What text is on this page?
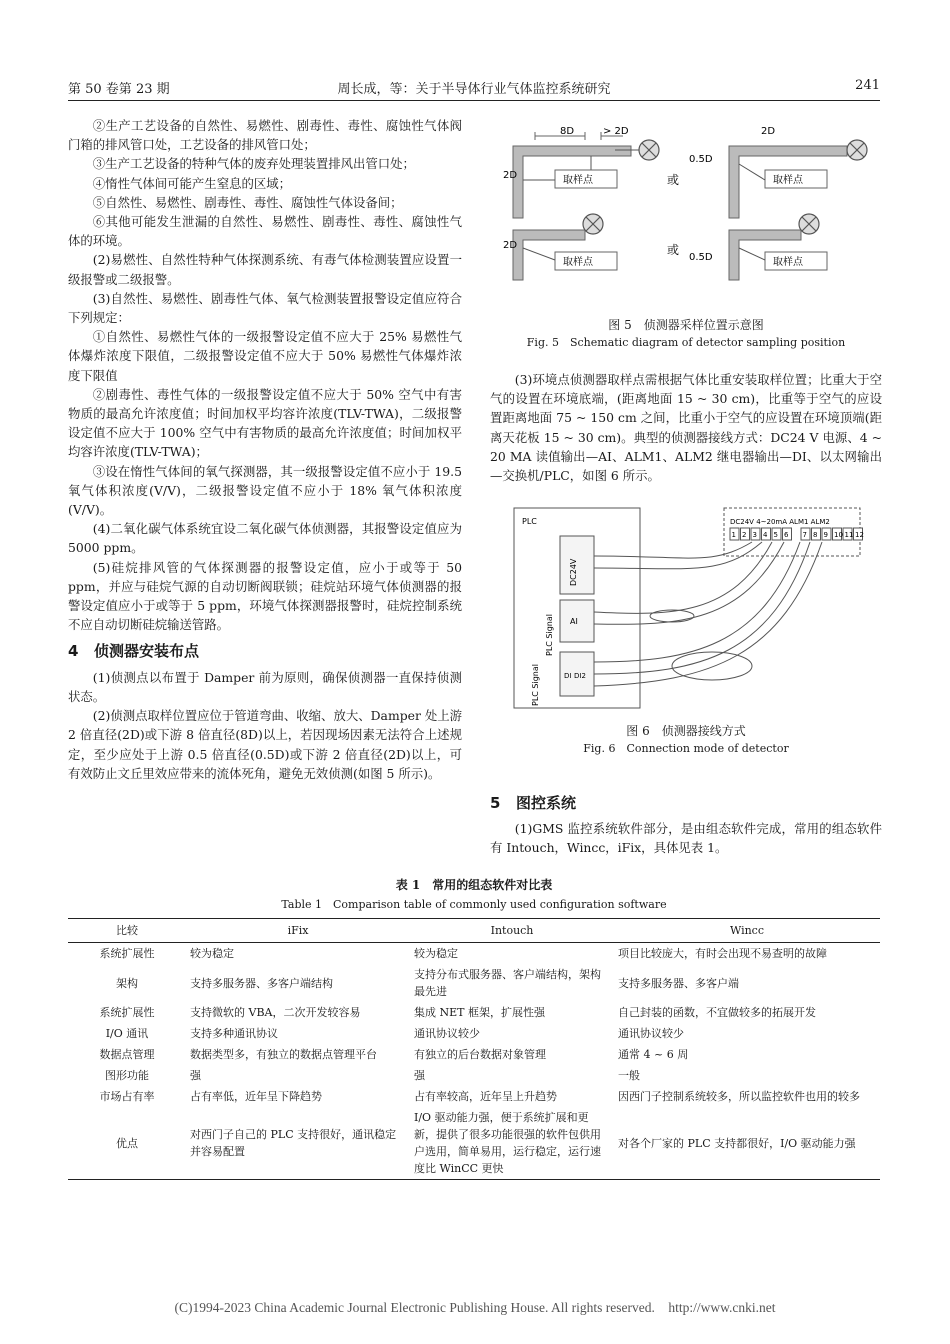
第 50 卷第 23 期	周长成，等：关于半导体行业气体监控系统研究	241

②生产工艺设备的自然性、易燃性、剧毒性、毒性、腐蚀性气体阀门箱的排风管口处，工艺设备的排风管口处；

③生产工艺设备的特种气体的废弃处理装置排风出管口处；

④惰性气体间可能产生窒息的区域；

⑤自然性、易燃性、剧毒性、毒性、腐蚀性气体设备间；

⑥其他可能发生泄漏的自然性、易燃性、剧毒性、毒性、腐蚀性气体的环境。

(2)易燃性、自然性特种气体探测系统、有毒气体检测装置应设置一级报警或二级报警。

(3)自然性、易燃性、剧毒性气体、氧气检测装置报警设定值应符合下列规定：

①自然性、易燃性气体的一级报警设定值不应大于 25% 易燃性气体爆炸浓度下限值，二级报警设定值不应大于 50% 易燃性气体爆炸浓度下限值

②剧毒性、毒性气体的一级报警设定值不应大于 50% 空气中有害物质的最高允许浓度值；时间加权平均容许浓度(TLV-TWA)，二级报警设定值不应大于 100% 空气中有害物质的最高允许浓度值；时间加权平均容许浓度(TLV-TWA)；

③设在惰性气体间的氧气探测器，其一级报警设定值不应小于 19.5 氧气体积浓度(V/V)，二级报警设定值不应小于 18% 氧气体积浓度(V/V)。

(4)二氧化碳气体系统宜设二氧化碳气体侦测器，其报警设定值应为 5000 ppm。

(5)硅烷排风管的气体探测器的报警设定值，应小于或等于 50 ppm，并应与硅烷气源的自动切断阀联锁；硅烷站环境气体侦测器的报警设定值应小于或等于 5 ppm，环境气体探测器报警时，硅烷控制系统不应自动切断硅烷输送管路。

4 侦测器安装布点

(1)侦测点以布置于 Damper 前为原则，确保侦测器一直保持侦测状态。

(2)侦测点取样位置应位于管道弯曲、收缩、放大、Damper 处上游 2 倍直径(2D)或下游 8 倍直径(8D)以上，若因现场因素无法符合上述规定，至少应处于上游 0.5 倍直径(0.5D)或下游 2 倍直径(2D)以上，可有效防止文丘里效应带来的流体死角，避免无效侦测(如图 5 所示)。

8D	> 2D
2D	取样点	或
2D
0.5D
取样点
2D
取样点
或
0.5D	取样点

图 5　侦测器采样位置示意图

Fig. 5　Schematic diagram of detector sampling position

(3)环境点侦测器取样点需根据气体比重安装取样位置；比重大于空气的设置在环境底端，(距离地面 15 ~ 30 cm)，比重等于空气的应设置距离地面 75 ~ 150 cm 之间，比重小于空气的应设置在环境顶端(距离天花板 15 ~ 30 cm)。典型的侦测器接线方式：DC24 V 电源、4 ~ 20 MA 读值输出—AI、ALM1、ALM2 继电器输出—DI、以太网输出—交换机/PLC，如图 6 所示。

PLC
DC24V
AI
DI DI2
PLC Signal
PLC Signal
DC24V 4~20mA ALM1 ALM2
1 2 3 4 5 6 7 8 9 10 11 12

图 6　侦测器接线方式

Fig. 6　Connection mode of detector

5 图控系统

(1)GMS 监控系统软件部分，是由组态软件完成，常用的组态软件有 Intouch，Wincc，iFix，具体见表 1。

表 1　常用的组态软件对比表
Table 1　Comparison table of commonly used configuration software
比较	iFix	Intouch	Wincc
系统扩展性	较为稳定	较为稳定	项目比较庞大，有时会出现不易查明的故障
架构	支持多服务器、多客户端结构	支持分布式服务器、客户端结构，架构最先进	支持多服务器、多客户端
系统扩展性	支持微软的 VBA，二次开发较容易	集成 NET 框架，扩展性强	自己封装的函数，不宜做较多的拓展开发
I/O 通讯	支持多种通讯协议	通讯协议较少	通讯协议较少
数据点管理	数据类型多，有独立的数据点管理平台	有独立的后台数据对象管理	通常 4 ~ 6 周
图形功能	强	强	一般
市场占有率	占有率低，近年呈下降趋势	占有率较高，近年呈上升趋势	因西门子控制系统较多，所以监控软件也用的较多
优点	对西门子自己的 PLC 支持很好，通讯稳定并容易配置	I/O 驱动能力强，便于系统扩展和更新，提供了很多功能很强的软件包供用户选用，简单易用，运行稳定，运行速度比 WinCC 更快	对各个厂家的 PLC 支持都很好，I/O 驱动能力强
(C)1994-2023 China Academic Journal Electronic Publishing House. All rights reserved.　http://www.cnki.net
